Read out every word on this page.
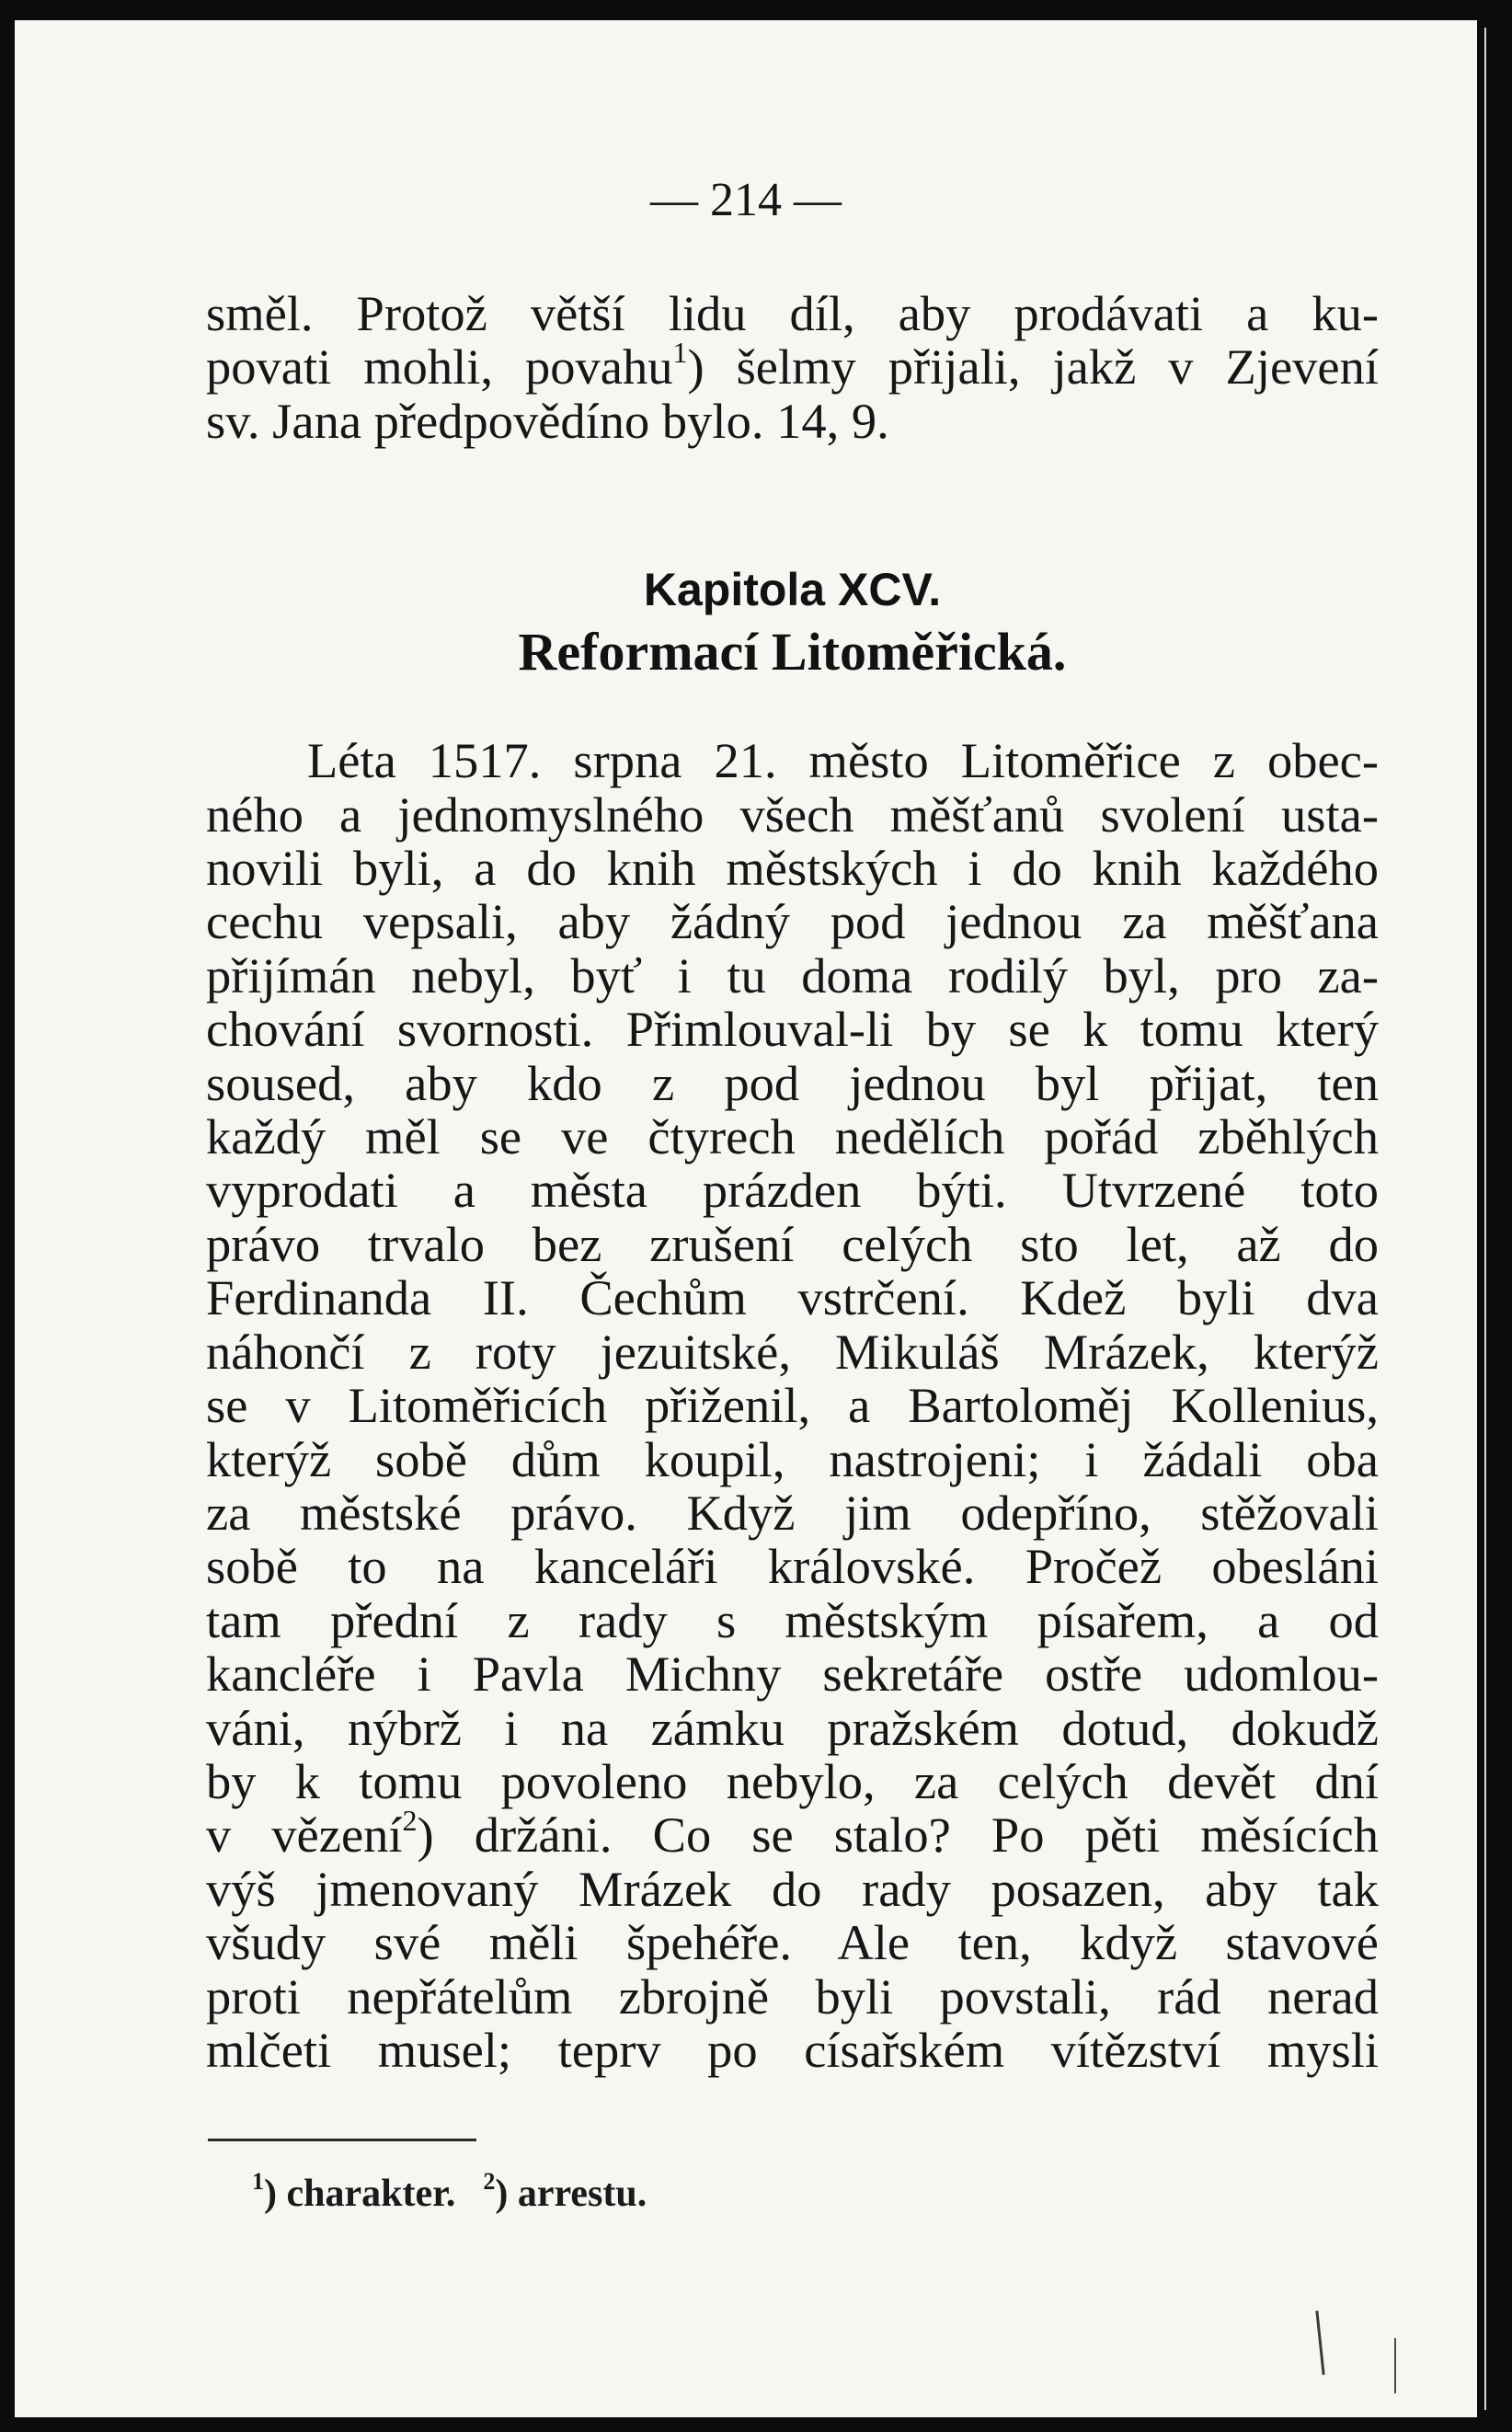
— 214 —
směl. Protož větší lidu díl, aby prodávati a ku-
povati mohli, povahu$^1$) šelmy přijali, jakž v Zjevení
sv. Jana předpovědíno bylo. 14, 9.
Kapitola XCV.
Reformací Litoměřická.
Léta 1517. srpna 21. město Litoměřice z obec-
ného a jednomyslného všech měšťanů svolení usta-
novili byli, a do knih městských i do knih každého
cechu vepsali, aby žádný pod jednou za měšťana
přijímán nebyl, byť i tu doma rodilý byl, pro za-
chování svornosti. Přimlouval-li by se k tomu který
soused, aby kdo z pod jednou byl přijat, ten
každý měl se ve čtyrech nedělích pořád zběhlých
vyprodati a města prázden býti. Utvrzené toto
právo trvalo bez zrušení celých sto let, až do
Ferdinanda II. Čechům vstrčení. Kdež byli dva
náhončí z roty jezuitské, Mikuláš Mrázek, kterýž
se v Litoměřicích přiženil, a Bartoloměj Kollenius,
kterýž sobě dům koupil, nastrojeni; i žádali oba
za městské právo. Když jim odepříno, stěžovali
sobě to na kanceláři královské. Pročež obesláni
tam přední z rady s městským písařem, a od
kancléře i Pavla Michny sekretáře ostře udomlou-
váni, nýbrž i na zámku pražském dotud, dokudž
by k tomu povoleno nebylo, za celých devět dní
v vězení$^2$) držáni. Co se stalo? Po pěti měsících
výš jmenovaný Mrázek do rady posazen, aby tak
všudy své měli špehéře. Ale ten, když stavové
proti nepřátelům zbrojně byli povstali, rád nerad
mlčeti musel; teprv po císařském vítězství mysli
$^1$) charakter. $^2$) arrestu.
